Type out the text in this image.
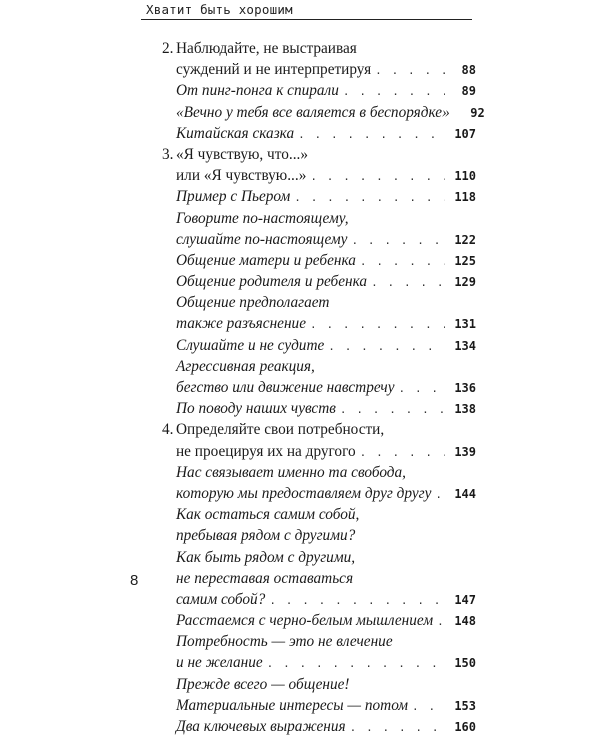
Хватит быть хорошим
2. Наблюдайте, не выстраивая
суждений и не интерпретируя . . .	88
От пинг-понга к спирали . . .	89
«Вечно у тебя все валяется в беспорядке»	92
Китайская сказка . . .	107
3. «Я чувствую, что...»
или «Я чувствую...» . . .	110
Пример с Пьером . . .	118
Говорите по-настоящему,
слушайте по-настоящему . . .	122
Общение матери и ребенка . . .	125
Общение родителя и ребенка . . .	129
Общение предполагает
также разъяснение . . .	131
Слушайте и не судите . . .	134
Агрессивная реакция,
бегство или движение навстречу . . .	136
По поводу наших чувств . . .	138
4. Определяйте свои потребности,
не проецируя их на другого . . .	139
Нас связывает именно та свобода,
которую мы предоставляем друг другу . . .	144
Как остаться самим собой,
пребывая рядом с другими?
Как быть рядом с другими,
не переставая оставаться
самим собой? . . .	147
Расстаемся с черно-белым мышлением . . .	148
Потребность — это не влечение
и не желание . . .	150
Прежде всего — общение!
Материальные интересы — потом . . .	153
Два ключевых выражения . . .	160
8
